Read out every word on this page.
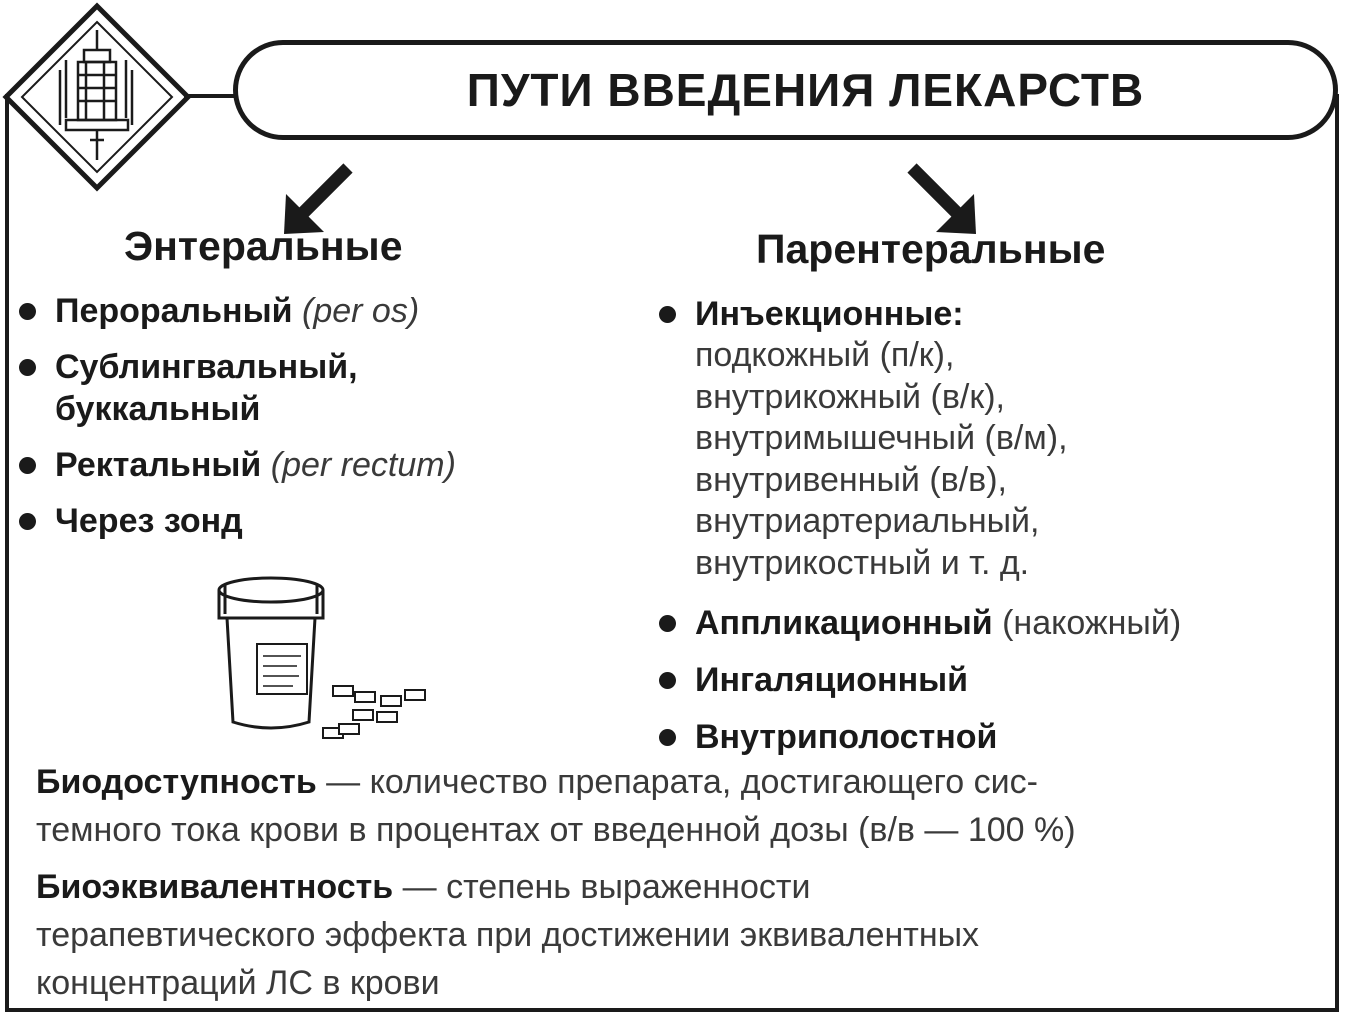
ПУТИ ВВЕДЕНИЯ ЛЕКАРСТВ
Энтеральные	Парентеральные
Пероральный (per os)
Сублингвальный,
буккальный
Ректальный (per rectum)
Через зонд
Инъекционные:
подкожный (п/к),
внутрикожный (в/к),
внутримышечный (в/м),
внутривенный (в/в),
внутриартериальный,
внутрикостный и т. д.
Аппликационный (накожный)
Ингаляционный
Внутриполостной
Биодоступность — количество препарата, достигающего сис-
темного тока крови в процентах от введенной дозы (в/в — 100 %)
Биоэквивалентность — степень выраженности
терапевтического эффекта при достижении эквивалентных
концентраций ЛС в крови
